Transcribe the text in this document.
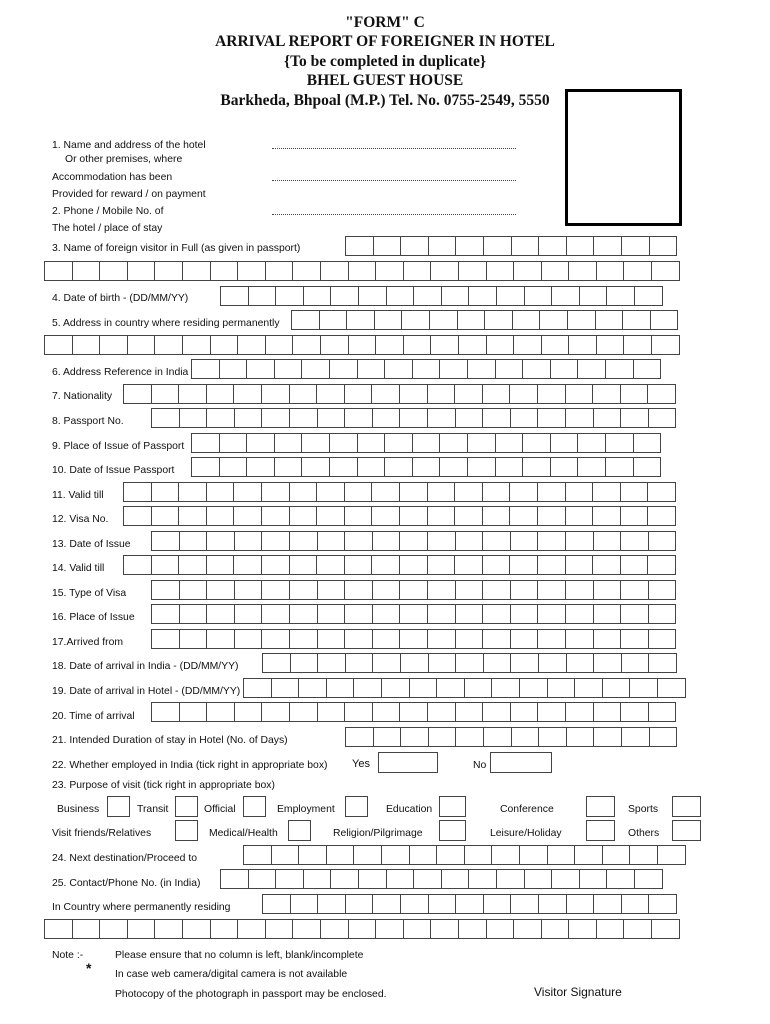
"FORM" C
ARRIVAL REPORT OF FOREIGNER IN HOTEL
{To be completed in duplicate}
BHEL GUEST HOUSE
Barkheda, Bhpoal (M.P.) Tel. No. 0755-2549, 5550
1. Name and address of the hotel
Or other premises, where
Accommodation has been
Provided for reward / on payment
2. Phone / Mobile No. of
The hotel / place of stay
3. Name of foreign visitor in Full (as given in passport)
4. Date of birth - (DD/MM/YY)
5. Address in country where residing permanently
6. Address Reference in India
7. Nationality
8. Passport No.
9. Place of Issue of Passport
10. Date of Issue Passport
11. Valid till
12. Visa No.
13. Date of Issue
14. Valid till
15. Type of Visa
16. Place of Issue
17.Arrived from
18. Date of arrival in India - (DD/MM/YY)
19. Date of arrival in Hotel - (DD/MM/YY)
20. Time of arrival
21. Intended Duration of stay in Hotel (No. of Days)
22. Whether employed in India (tick right in appropriate box) Yes	No
23. Purpose of visit (tick right in appropriate box)
Business	Transit	Official	Employment	Education	Conference	Sports
Visit friends/Relatives	Medical/Health	Religion/Pilgrimage	Leisure/Holiday	Others
24. Next destination/Proceed to
25. Contact/Phone No. (in India)
In Country where permanently residing
Note :-
*
Please ensure that no column is left, blank/incomplete
In case web camera/digital camera is not available
Photocopy of the photograph in passport may be enclosed.	Visitor Signature
